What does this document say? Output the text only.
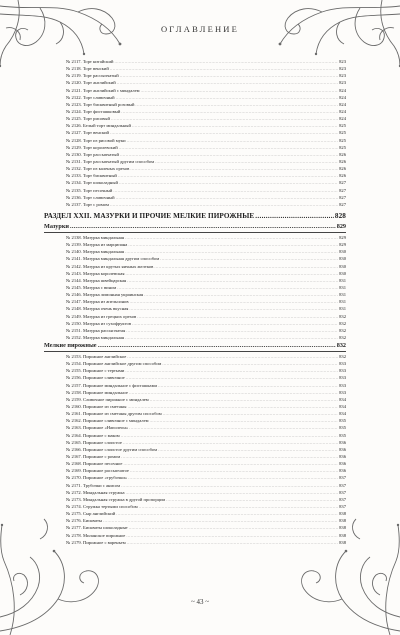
ОГЛАВЛЕНИЕ
№ 2117. Торт китайский .....	823
№ 2118. Торт венский .....	823
№ 2119. Торт рассыпчатый .....	823
№ 2120. Торт английский .....	823
№ 2121. Торт английский с миндалем .....	824
№ 2122. Торт сливочный .....	824
№ 2123. Торт бисквитный розовый .....	824
№ 2124. Торт фисташковый .....	824
№ 2125. Торт рисовый .....	824
№ 2126. Белый торт миндальный .....	825
№ 2127. Торт венский .....	825
№ 2128. Торт из рисовой муки .....	825
№ 2129. Торт королевский .....	825
№ 2130. Торт рассыпчатый .....	826
№ 2131. Торт рассыпчатый другим способом .....	826
№ 2132. Торт из каленых орехов .....	826
№ 2133. Торт бисквитный .....	826
№ 2134. Торт шоколадный .....	827
№ 2135. Торт песочный .....	827
№ 2136. Торт сливочный .....	827
№ 2137. Торт с ромом .....	827
РАЗДЕЛ XXII. МАЗУРКИ И ПРОЧИЕ МЕЛКИЕ ПИРОЖНЫЕ .....	828
Мазурки .....	829
№ 2138. Мазурка миндальная .....	829
№ 2139. Мазурка из марципана .....	829
№ 2140. Мазурка миндальная .....	830
№ 2141. Мазурка миндальная другим способом .....	830
№ 2142. Мазурка из крутых яичных желтков .....	830
№ 2143. Мазурка королевская .....	830
№ 2144. Мазурка швейцарская .....	831
№ 2145. Мазурка с вином .....	831
№ 2146. Мазурка лимонная украинская .....	831
№ 2147. Мазурка из апельсинов .....	831
№ 2148. Мазурка очень вкусная .....	831
№ 2149. Мазурка из грецких орехов .....	832
№ 2150. Мазурка из сухофруктов .....	832
№ 2151. Мазурка рассыпчатая .....	832
№ 2152. Мазурка миндальная .....	832
Мелкие пирожные .....	832
№ 2153. Пирожное английское .....	832
№ 2154. Пирожное английское другим способом .....	833
№ 2155. Пирожное с тертыми .....	833
№ 2156. Пирожное сливочное .....	833
№ 2157. Пирожное миндальное с фисташками .....	833
№ 2158. Пирожное миндальное .....	833
№ 2159. Сливочное пирожное с миндалем .....	834
№ 2160. Пирожное из сметаны .....	834
№ 2161. Пирожное из сметаны другим способом .....	834
№ 2162. Пирожное сливочное с миндалем .....	835
№ 2163. Пирожное «Наполеон» .....	835
№ 2164. Пирожное с маком .....	835
№ 2165. Пирожное слоистое .....	836
№ 2166. Пирожное слоистое другим способом .....	836
№ 2167. Пирожное с ромом .....	836
№ 2168. Пирожное песочное .....	836
№ 2169. Пирожное рассыпчатое .....	836
№ 2170. Пирожное «трубочки» .....	837
№ 2171. Трубочки с анисом .....	837
№ 2172. Миндальная стружка .....	837
№ 2173. Миндальная стружка в другой пропорции .....	837
№ 2174. Стружка тертыми способом .....	837
№ 2175. Сыр английский .....	838
№ 2176. Бисквиты .....	838
№ 2177. Бисквиты шоколадные .....	838
№ 2178. Миланское пирожное .....	838
№ 2179. Пирожное с вареньем .....	838
~ 43 ~
